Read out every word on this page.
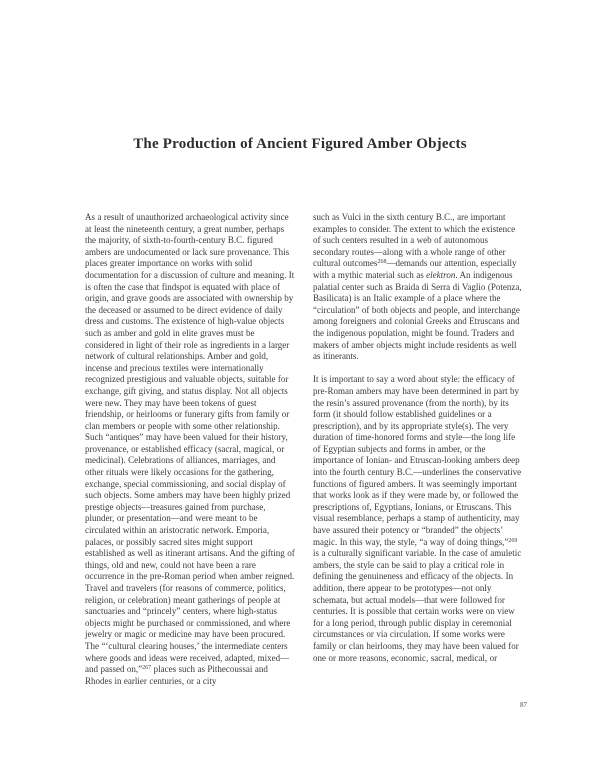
The Production of Ancient Figured Amber Objects

As a result of unauthorized archaeological activity since at least the nineteenth century, a great number, perhaps the majority, of sixth-to-fourth-century B.C. figured ambers are undocumented or lack sure provenance. This places greater importance on works with solid documentation for a discussion of culture and meaning. It is often the case that findspot is equated with place of origin, and grave goods are associated with ownership by the deceased or assumed to be direct evidence of daily dress and customs. The existence of high-value objects such as amber and gold in elite graves must be considered in light of their role as ingredients in a larger network of cultural relationships. Amber and gold, incense and precious textiles were internationally recognized prestigious and valuable objects, suitable for exchange, gift giving, and status display. Not all objects were new. They may have been tokens of guest friendship, or heirlooms or funerary gifts from family or clan members or people with some other relationship. Such “antiques” may have been valued for their history, provenance, or established efficacy (sacral, magical, or medicinal). Celebrations of alliances, marriages, and other rituals were likely occasions for the gathering, exchange, special commissioning, and social display of such objects. Some ambers may have been highly prized prestige objects—treasures gained from purchase, plunder, or presentation—and were meant to be circulated within an aristocratic network. Emporia, palaces, or possibly sacred sites might support established as well as itinerant artisans. And the gifting of things, old and new, could not have been a rare occurrence in the pre-Roman period when amber reigned. Travel and travelers (for reasons of commerce, politics, religion, or celebration) meant gatherings of people at sanctuaries and “princely” centers, where high-status objects might be purchased or commissioned, and where jewelry or magic or medicine may have been procured. The “‘cultural clearing houses,’ the intermediate centers where goods and ideas were received, adapted, mixed—and passed on,”$^{267}$ places such as Pithecoussai and Rhodes in earlier centuries, or a city

such as Vulci in the sixth century B.C., are important examples to consider. The extent to which the existence of such centers resulted in a web of autonomous secondary routes—along with a whole range of other cultural outcomes$^{268}$—demands our attention, especially with a mythic material such as elektron. An indigenous palatial center such as Braida di Serra di Vaglio (Potenza, Basilicata) is an Italic example of a place where the “circulation” of both objects and people, and interchange among foreigners and colonial Greeks and Etruscans and the indigenous population, might be found. Traders and makers of amber objects might include residents as well as itinerants.

It is important to say a word about style: the efficacy of pre-Roman ambers may have been determined in part by the resin’s assured provenance (from the north), by its form (it should follow established guidelines or a prescription), and by its appropriate style(s). The very duration of time-honored forms and style—the long life of Egyptian subjects and forms in amber, or the importance of Ionian- and Etruscan-looking ambers deep into the fourth century B.C.—underlines the conservative functions of figured ambers. It was seemingly important that works look as if they were made by, or followed the prescriptions of, Egyptians, Ionians, or Etruscans. This visual resemblance, perhaps a stamp of authenticity, may have assured their potency or “branded” the objects’ magic. In this way, the style, “a way of doing things,”$^{269}$ is a culturally significant variable. In the case of amuletic ambers, the style can be said to play a critical role in defining the genuineness and efficacy of the objects. In addition, there appear to be prototypes—not only schemata, but actual models—that were followed for centuries. It is possible that certain works were on view for a long period, through public display in ceremonial circumstances or via circulation. If some works were family or clan heirlooms, they may have been valued for one or more reasons, economic, sacral, medical, or

87
